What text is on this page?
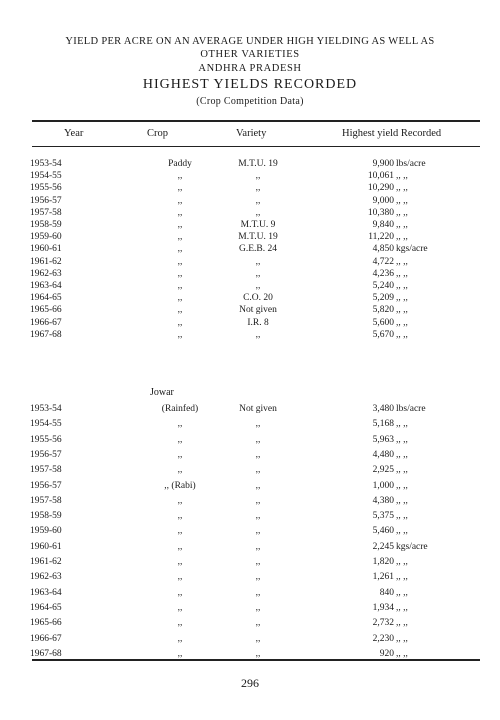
YIELD PER ACRE ON AN AVERAGE UNDER HIGH YIELDING AS WELL AS
OTHER VARIETIES
ANDHRA PRADESH
HIGHEST YIELDS RECORDED
(Crop Competition Data)
Year	Crop	Variety	Highest yield Recorded
1953-54	Paddy	M.T.U. 19	9,900 lbs/acre
1954-55	,,	,,	10,061 ,, ,,
1955-56	,,	,,	10,290 ,, ,,
1956-57	,,	,,	9,000 ,, ,,
1957-58	,,	,,	10,380 ,, ,,
1958-59	,,	M.T.U. 9	9,840 ,, ,,
1959-60	,,	M.T.U. 19	11,220 ,, ,,
1960-61	,,	G.E.B. 24	4,850 kgs/acre
1961-62	,,	,,	4,722 ,, ,,
1962-63	,,	,,	4,236 ,, ,,
1963-64	,,	,,	5,240 ,, ,,
1964-65	,,	C.O. 20	5,209 ,, ,,
1965-66	,,	Not given	5,820 ,, ,,
1966-67	,,	I.R. 8	5,600 ,, ,,
1967-68	,,	,,	5,670 ,, ,,
Jowar
1953-54	(Rainfed)	Not given	3,480 lbs/acre
1954-55	,,	,,	5,168 ,, ,,
1955-56	,,	,,	5,963 ,, ,,
1956-57	,,	,,	4,480 ,, ,,
1957-58	,,	,,	2,925 ,, ,,
1956-57	,, (Rabi)	,,	1,000 ,, ,,
1957-58	,,	,,	4,380 ,, ,,
1958-59	,,	,,	5,375 ,, ,,
1959-60	,,	,,	5,460 ,, ,,
1960-61	,,	,,	2,245 kgs/acre
1961-62	,,	,,	1,820 ,, ,,
1962-63	,,	,,	1,261 ,, ,,
1963-64	,,	,,	840 ,, ,,
1964-65	,,	,,	1,934 ,, ,,
1965-66	,,	,,	2,732 ,, ,,
1966-67	,,	,,	2,230 ,, ,,
1967-68	,,	,,	920 ,, ,,
296
